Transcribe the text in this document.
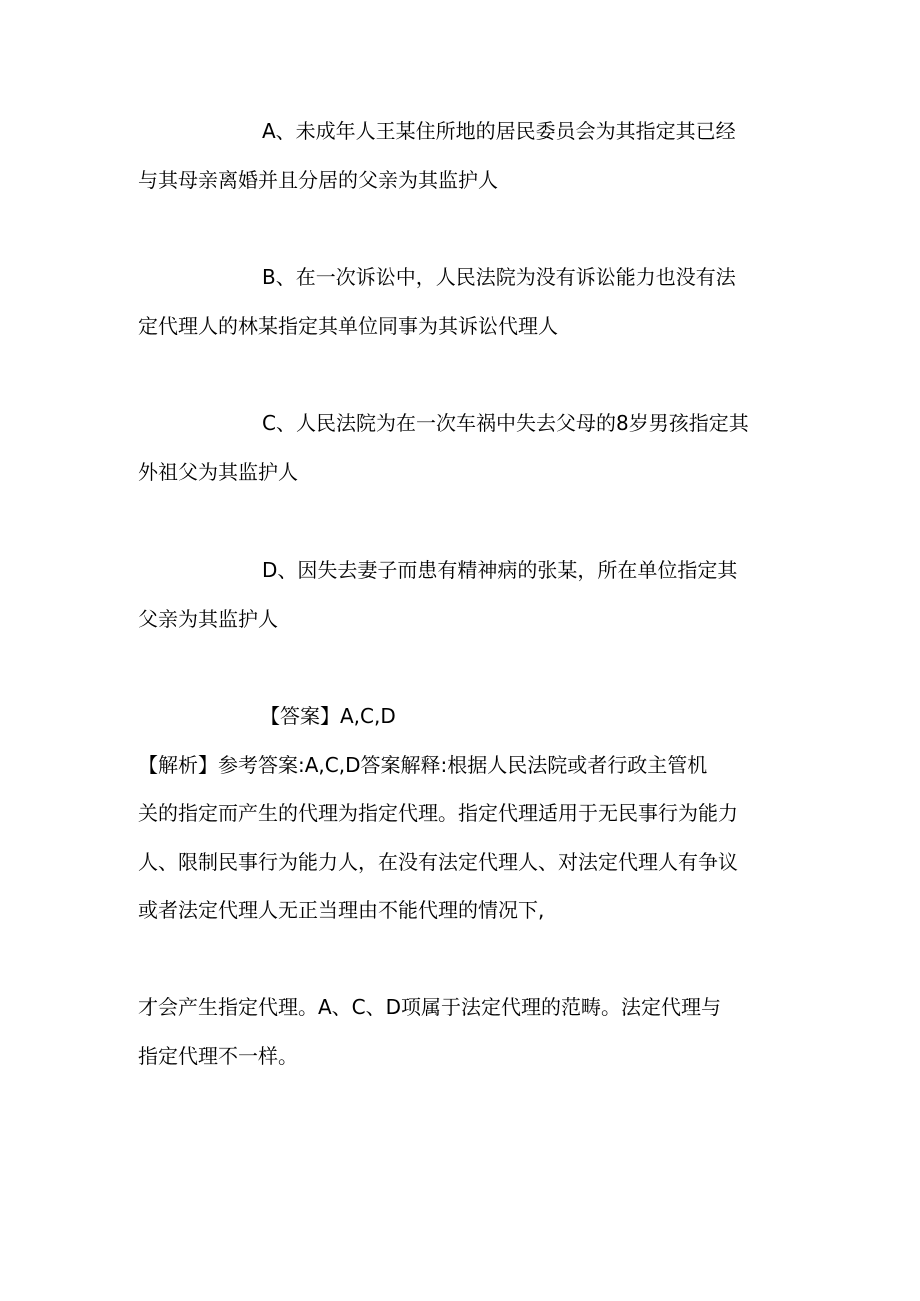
A、未成年人王某住所地的居民委员会为其指定其已经

与其母亲离婚并且分居的父亲为其监护人

B、在一次诉讼中，人民法院为没有诉讼能力也没有法

定代理人的林某指定其单位同事为其诉讼代理人

C、人民法院为在一次车祸中失去父母的8岁男孩指定其

外祖父为其监护人

D、因失去妻子而患有精神病的张某，所在单位指定其

父亲为其监护人

【答案】A,C,D

【解析】参考答案:A,C,D答案解释:根据人民法院或者行政主管机

关的指定而产生的代理为指定代理。指定代理适用于无民事行为能力

人、限制民事行为能力人，在没有法定代理人、对法定代理人有争议

或者法定代理人无正当理由不能代理的情况下,

才会产生指定代理。A、C、D项属于法定代理的范畴。法定代理与

指定代理不一样。
